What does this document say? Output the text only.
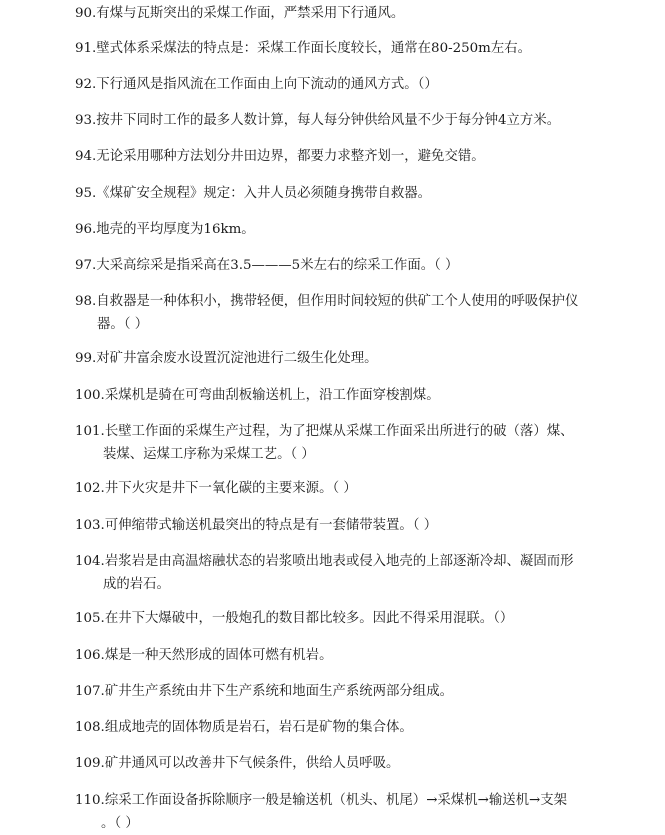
90.有煤与瓦斯突出的采煤工作面，严禁采用下行通风。
91.壁式体系采煤法的特点是：采煤工作面长度较长，通常在80-250m左右。
92.下行通风是指风流在工作面由上向下流动的通风方式。（）
93.按井下同时工作的最多人数计算，每人每分钟供给风量不少于每分钟4立方米。
94.无论采用哪种方法划分井田边界，都要力求整齐划一，避免交错。
95.《煤矿安全规程》规定：入井人员必须随身携带自救器。
96.地壳的平均厚度为16km。
97.大采高综采是指采高在3.5———5米左右的综采工作面。（ ）
98.自救器是一种体积小，携带轻便，但作用时间较短的供矿工个人使用的呼吸保护仪
器。（ ）
99.对矿井富余废水设置沉淀池进行二级生化处理。
100.采煤机是骑在可弯曲刮板输送机上，沿工作面穿梭割煤。
101.长壁工作面的采煤生产过程，为了把煤从采煤工作面采出所进行的破（落）煤、
装煤、运煤工序称为采煤工艺。（ ）
102.井下火灾是井下一氧化碳的主要来源。（ ）
103.可伸缩带式输送机最突出的特点是有一套储带装置。（ ）
104.岩浆岩是由高温熔融状态的岩浆喷出地表或侵入地壳的上部逐渐冷却、凝固而形
成的岩石。
105.在井下大爆破中，一般炮孔的数目都比较多。因此不得采用混联。（）
106.煤是一种天然形成的固体可燃有机岩。
107.矿井生产系统由井下生产系统和地面生产系统两部分组成。
108.组成地壳的固体物质是岩石，岩石是矿物的集合体。
109.矿井通风可以改善井下气候条件，供给人员呼吸。
110.综采工作面设备拆除顺序一般是输送机（机头、机尾）→采煤机→输送机→支架
。（ ）
